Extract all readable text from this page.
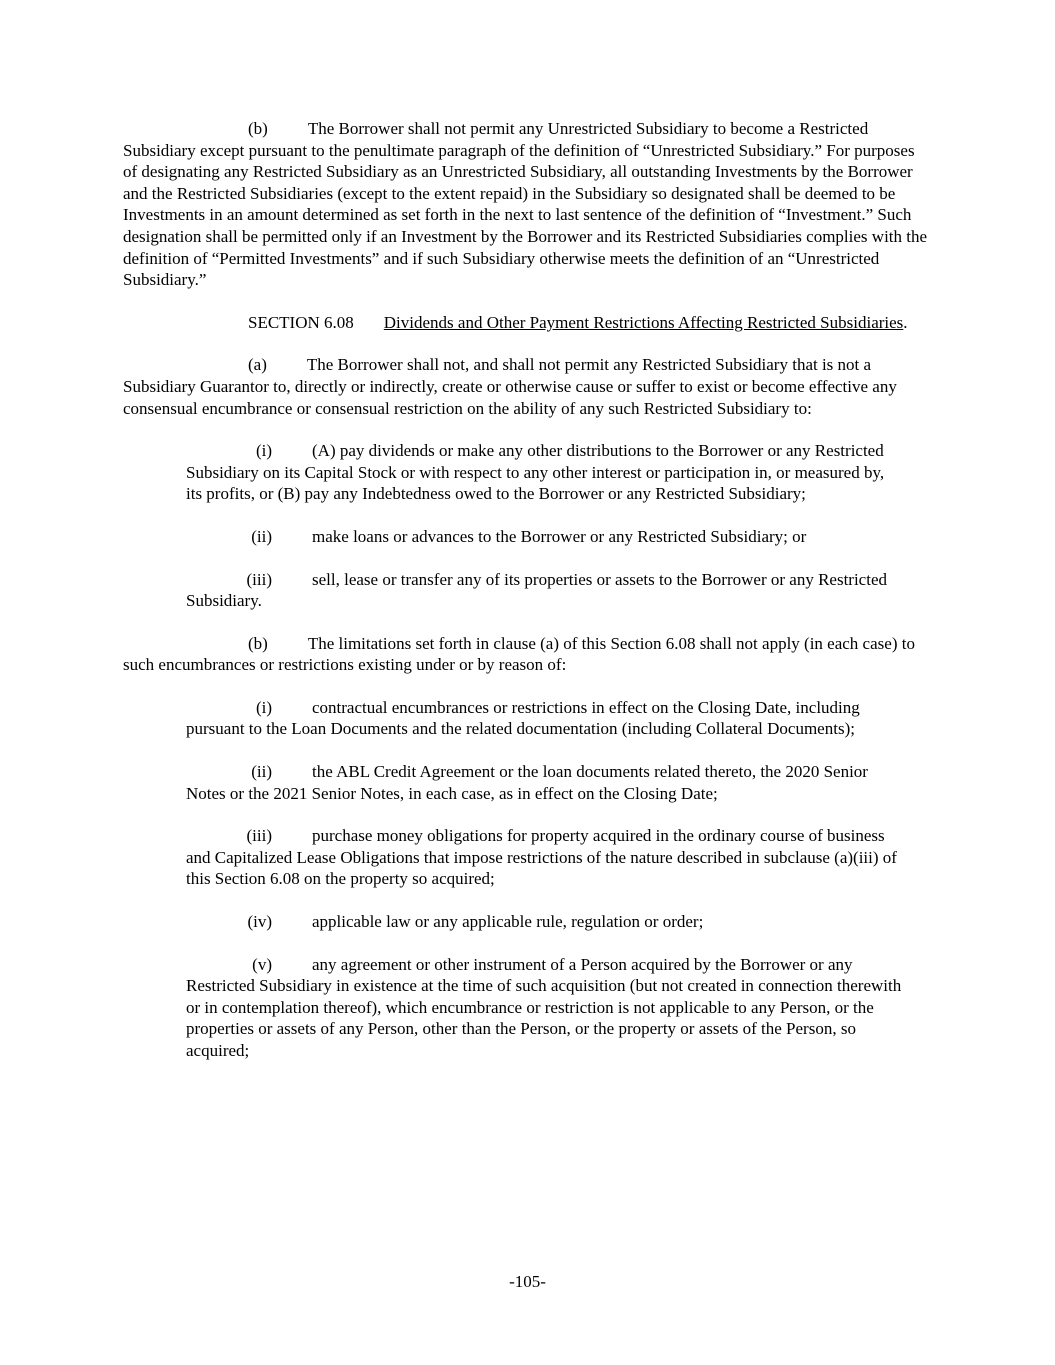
(b) The Borrower shall not permit any Unrestricted Subsidiary to become a Restricted Subsidiary except pursuant to the penultimate paragraph of the definition of “Unrestricted Subsidiary.” For purposes of designating any Restricted Subsidiary as an Unrestricted Subsidiary, all outstanding Investments by the Borrower and the Restricted Subsidiaries (except to the extent repaid) in the Subsidiary so designated shall be deemed to be Investments in an amount determined as set forth in the next to last sentence of the definition of “Investment.” Such designation shall be permitted only if an Investment by the Borrower and its Restricted Subsidiaries complies with the definition of “Permitted Investments” and if such Subsidiary otherwise meets the definition of an “Unrestricted Subsidiary.”

SECTION 6.08 Dividends and Other Payment Restrictions Affecting Restricted Subsidiaries.

(a) The Borrower shall not, and shall not permit any Restricted Subsidiary that is not a Subsidiary Guarantor to, directly or indirectly, create or otherwise cause or suffer to exist or become effective any consensual encumbrance or consensual restriction on the ability of any such Restricted Subsidiary to:

(i) (A) pay dividends or make any other distributions to the Borrower or any Restricted Subsidiary on its Capital Stock or with respect to any other interest or participation in, or measured by, its profits, or (B) pay any Indebtedness owed to the Borrower or any Restricted Subsidiary;

(ii) make loans or advances to the Borrower or any Restricted Subsidiary; or

(iii) sell, lease or transfer any of its properties or assets to the Borrower or any Restricted Subsidiary.

(b) The limitations set forth in clause (a) of this Section 6.08 shall not apply (in each case) to such encumbrances or restrictions existing under or by reason of:

(i) contractual encumbrances or restrictions in effect on the Closing Date, including pursuant to the Loan Documents and the related documentation (including Collateral Documents);

(ii) the ABL Credit Agreement or the loan documents related thereto, the 2020 Senior Notes or the 2021 Senior Notes, in each case, as in effect on the Closing Date;

(iii) purchase money obligations for property acquired in the ordinary course of business and Capitalized Lease Obligations that impose restrictions of the nature described in subclause (a)(iii) of this Section 6.08 on the property so acquired;

(iv) applicable law or any applicable rule, regulation or order;

(v) any agreement or other instrument of a Person acquired by the Borrower or any Restricted Subsidiary in existence at the time of such acquisition (but not created in connection therewith or in contemplation thereof), which encumbrance or restriction is not applicable to any Person, or the properties or assets of any Person, other than the Person, or the property or assets of the Person, so acquired;

-105-
